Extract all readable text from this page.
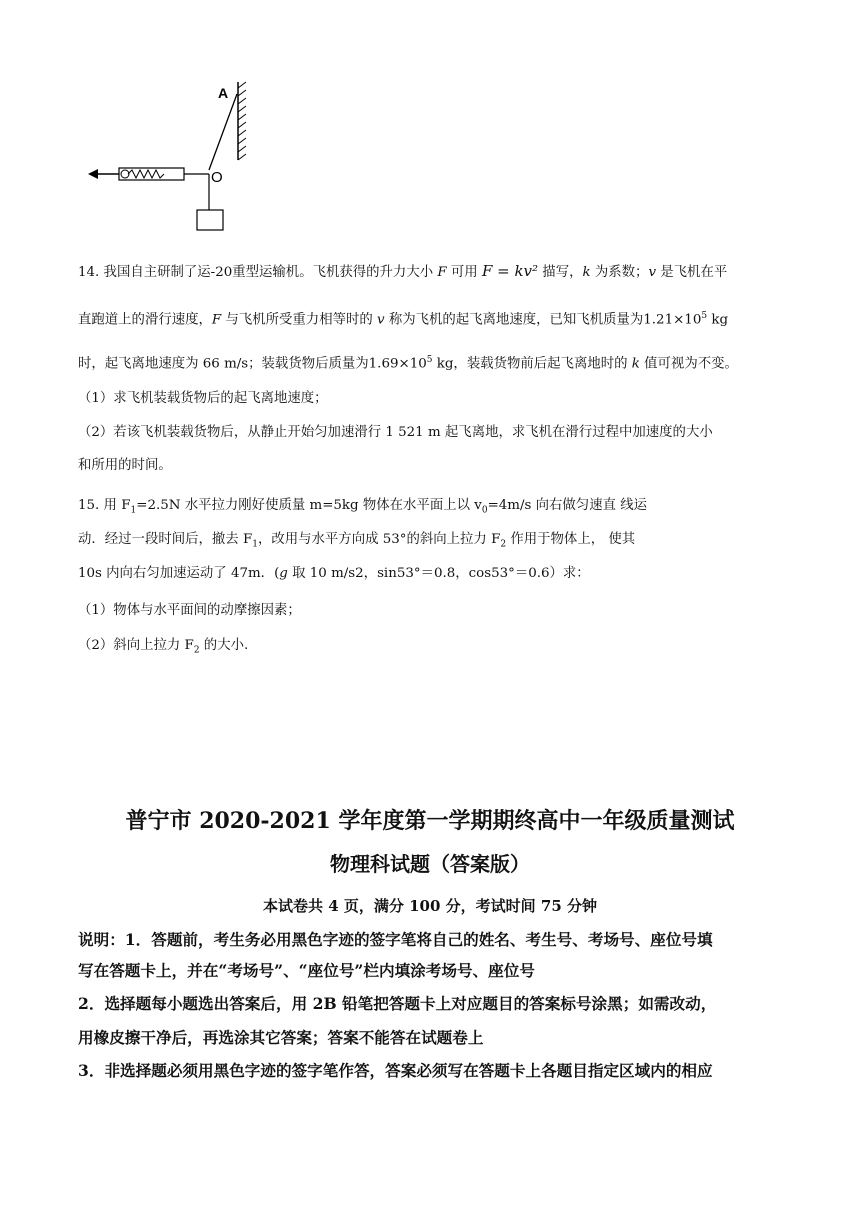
A
O
14. 我国自主研制了运-20重型运输机。飞机获得的升力大小 F 可用 F = kv² 描写，k 为系数；v 是飞机在平
直跑道上的滑行速度，F 与飞机所受重力相等时的 v 称为飞机的起飞离地速度，已知飞机质量为$1.21\times 10^5$ kg
时，起飞离地速度为 66 m/s；装载货物后质量为$1.69\times 10^5$ kg，装载货物前后起飞离地时的 k 值可视为不变。
（1）求飞机装载货物后的起飞离地速度；
（2）若该飞机装载货物后，从静止开始匀加速滑行 1 521 m 起飞离地，求飞机在滑行过程中加速度的大小
和所用的时间。
15. 用 $F_1=2.5N$ 水平拉力刚好使质量 m=5kg 物体在水平面上以 $v_0=4m/s$ 向右做匀速直 线运
动．经过一段时间后，撤去 $F_1$，改用与水平方向成 53°的斜向上拉力 $F_2$ 作用于物体上， 使其
10s 内向右匀加速运动了 47m．(g 取 10 m/s2，sin53°＝0.8，cos53°＝0.6）求：
（1）物体与水平面间的动摩擦因素；
（2）斜向上拉力 $F_2$ 的大小.
普宁市 2020-2021 学年度第一学期期终高中一年级质量测试
物理科试题（答案版）
本试卷共 4 页，满分 100 分，考试时间 75 分钟
说明：1．答题前，考生务必用黑色字迹的签字笔将自己的姓名、考生号、考场号、座位号填
写在答题卡上，并在“考场号”、“座位号”栏内填涂考场号、座位号
2．选择题每小题选出答案后，用 2B 铅笔把答题卡上对应题目的答案标号涂黑；如需改动，
用橡皮擦干净后，再选涂其它答案；答案不能答在试题卷上
3．非选择题必须用黑色字迹的签字笔作答，答案必须写在答题卡上各题目指定区域内的相应
